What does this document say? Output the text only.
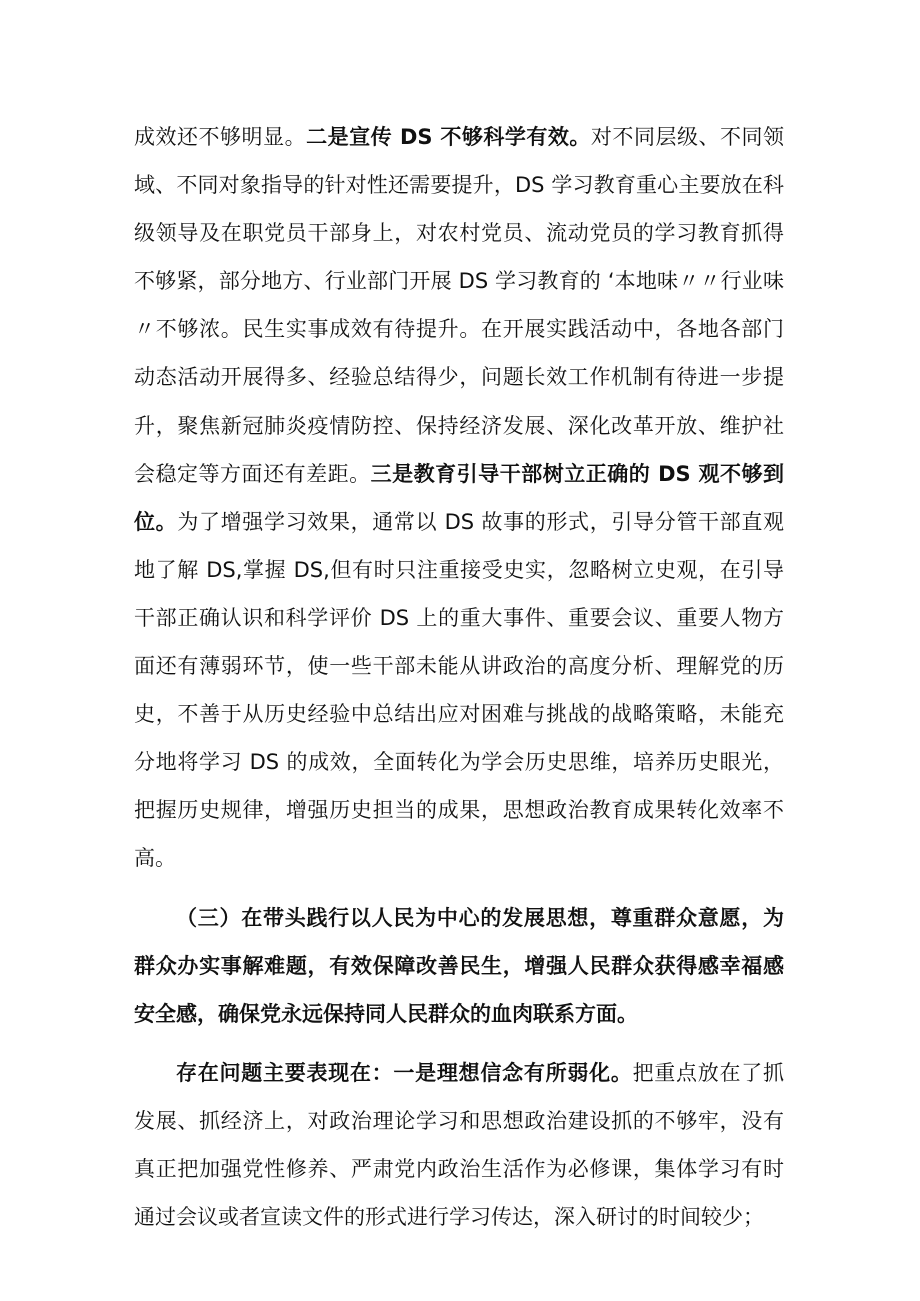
成效还不够明显。二是宣传 DS 不够科学有效。对不同层级、不同领域、不同对象指导的针对性还需要提升，DS 学习教育重心主要放在科级领导及在职党员干部身上，对农村党员、流动党员的学习教育抓得不够紧，部分地方、行业部门开展 DS 学习教育的 ‘本地味〃〃行业味〃不够浓。民生实事成效有待提升。在开展实践活动中，各地各部门动态活动开展得多、经验总结得少，问题长效工作机制有待进一步提升，聚焦新冠肺炎疫情防控、保持经济发展、深化改革开放、维护社会稳定等方面还有差距。三是教育引导干部树立正确的 DS 观不够到位。为了增强学习效果，通常以 DS 故事的形式，引导分管干部直观地了解 DS,掌握 DS,但有时只注重接受史实，忽略树立史观，在引导干部正确认识和科学评价 DS 上的重大事件、重要会议、重要人物方面还有薄弱环节，使一些干部未能从讲政治的高度分析、理解党的历史，不善于从历史经验中总结出应对困难与挑战的战略策略，未能充分地将学习 DS 的成效，全面转化为学会历史思维，培养历史眼光，把握历史规律，增强历史担当的成果，思想政治教育成果转化效率不高。

（三）在带头践行以人民为中心的发展思想，尊重群众意愿，为群众办实事解难题，有效保障改善民生，增强人民群众获得感幸福感安全感，确保党永远保持同人民群众的血肉联系方面。

存在问题主要表现在：一是理想信念有所弱化。把重点放在了抓发展、抓经济上，对政治理论学习和思想政治建设抓的不够牢，没有真正把加强党性修养、严肃党内政治生活作为必修课，集体学习有时通过会议或者宣读文件的形式进行学习传达，深入研讨的时间较少；
